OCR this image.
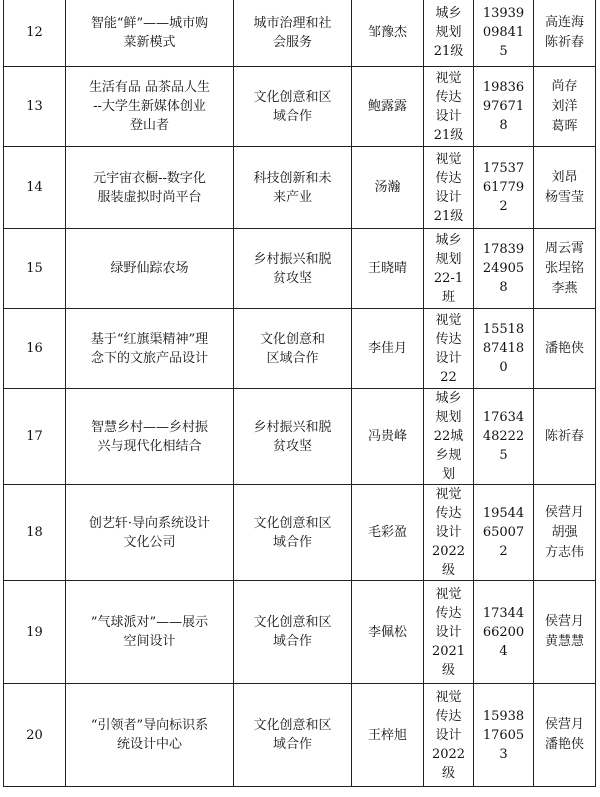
12	智能“鲜”——城市购
菜新模式	城市治理和社
会服务	邹豫杰	城乡
规划
21级	13939
09841
5	高连海
陈祈春
13	生活有品 品茶品人生
--大学生新媒体创业
登山者	文化创意和区
域合作	鲍露露	视觉
传达
设计
21级	19836
97671
8	尚存
刘洋
葛晖
14	元宇宙衣橱--数字化
服装虚拟时尚平台	科技创新和未
来产业	汤瀚	视觉
传达
设计
21级	17537
61779
2	刘昂
杨雪莹
15	绿野仙踪农场	乡村振兴和脱
贫攻坚	王晓晴	城乡
规划
22-1
班	17839
24905
8	周云霄
张埕铭
李燕
16	基于“红旗渠精神”理
念下的文旅产品设计	文化创意和
区域合作	李佳月	视觉
传达
设计
22	15518
87418
0	潘艳侠
17	智慧乡村——乡村振
兴与现代化相结合	乡村振兴和脱
贫攻坚	冯贵峰	城乡
规划
22城
乡规
划	17634
48222
5	陈祈春
18	创艺轩·导向系统设计
文化公司	文化创意和区
域合作	毛彩盈	视觉
传达
设计
2022
级	19544
65007
2	侯营月
胡强
方志伟
19	”气球派对”——展示
空间设计	文化创意和区
域合作	李佩松	视觉
传达
设计
2021
级	17344
66200
4	侯营月
黄慧慧
20	“引领者”导向标识系
统设计中心	文化创意和区
域合作	王梓旭	视觉
传达
设计
2022
级	15938
17605
3	侯营月
潘艳侠
